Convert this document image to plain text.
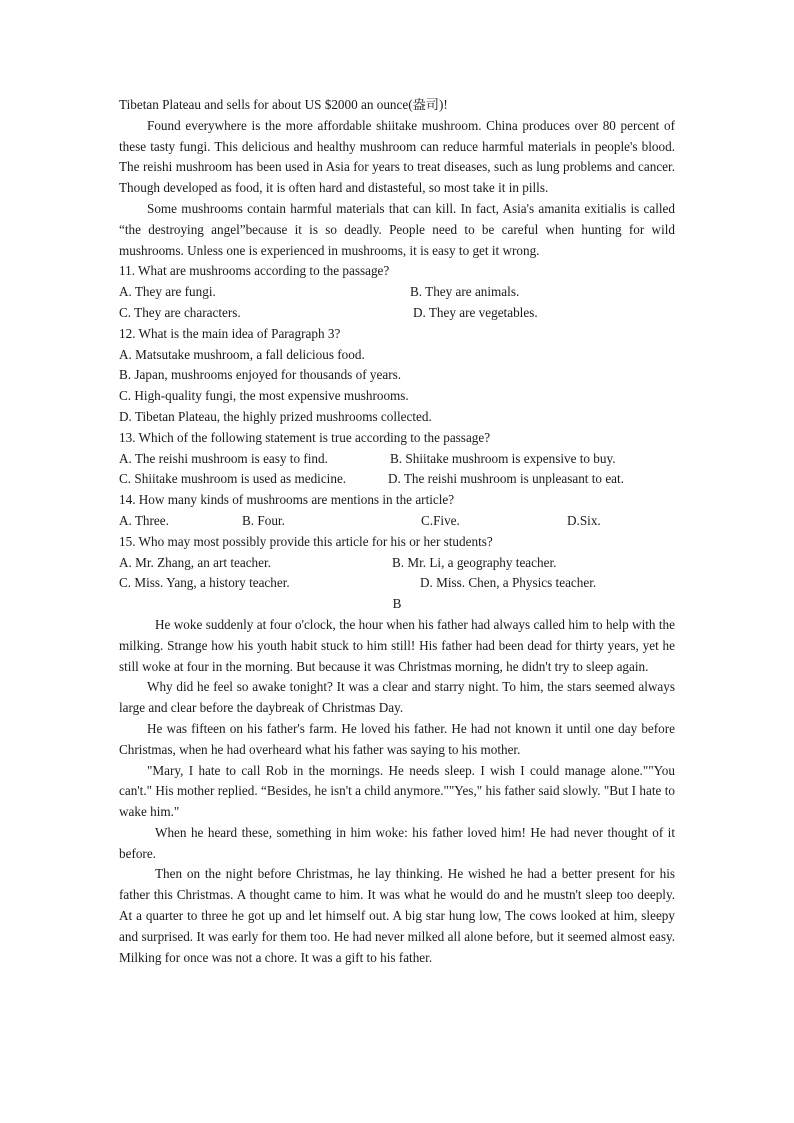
Tibetan Plateau and sells for about US $2000 an ounce(盎司)!

Found everywhere is the more affordable shiitake mushroom. China produces over 80 percent of these tasty fungi. This delicious and healthy mushroom can reduce harmful materials in people's blood. The reishi mushroom has been used in Asia for years to treat diseases, such as lung problems and cancer. Though developed as food, it is often hard and distasteful, so most take it in pills.

Some mushrooms contain harmful materials that can kill. In fact, Asia's amanita exitialis is called “the destroying angel”because it is so deadly. People need to be careful when hunting for wild mushrooms. Unless one is experienced in mushrooms, it is easy to get it wrong.

11. What are mushrooms according to the passage?

A. They are fungi.	B. They are animals.
C. They are characters.	D. They are vegetables.

12. What is the main idea of Paragraph 3?

A. Matsutake mushroom, a fall delicious food.

B. Japan, mushrooms enjoyed for thousands of years.

C. High-quality fungi, the most expensive mushrooms.

D. Tibetan Plateau, the highly prized mushrooms collected.

13. Which of the following statement is true according to the passage?

A. The reishi mushroom is easy to find.	B. Shiitake mushroom is expensive to buy.
C. Shiitake mushroom is used as medicine.	D. The reishi mushroom is unpleasant to eat.

14. How many kinds of mushrooms are mentions in the article?

A. Three.	B. Four.	C.Five.	D.Six.

15. Who may most possibly provide this article for his or her students?

A. Mr. Zhang, an art teacher.	B. Mr. Li, a geography teacher.
C. Miss. Yang, a history teacher.	D. Miss. Chen, a Physics teacher.

B

He woke suddenly at four o'clock, the hour when his father had always called him to help with the milking. Strange how his youth habit stuck to him still! His father had been dead for thirty years, yet he still woke at four in the morning. But because it was Christmas morning, he didn't try to sleep again.

Why did he feel so awake tonight? It was a clear and starry night. To him, the stars seemed always large and clear before the daybreak of Christmas Day.

He was fifteen on his father's farm. He loved his father. He had not known it until one day before Christmas, when he had overheard what his father was saying to his mother.

"Mary, I hate to call Rob in the mornings. He needs sleep. I wish I could manage alone.""You can't." His mother replied. “Besides, he isn't a child anymore.""Yes," his father said slowly. "But I hate to wake him."

When he heard these, something in him woke: his father loved him! He had never thought of it before.

Then on the night before Christmas, he lay thinking. He wished he had a better present for his father this Christmas. A thought came to him. It was what he would do and he mustn't sleep too deeply. At a quarter to three he got up and let himself out. A big star hung low, The cows looked at him, sleepy and surprised. It was early for them too. He had never milked all alone before, but it seemed almost easy. Milking for once was not a chore. It was a gift to his father.
